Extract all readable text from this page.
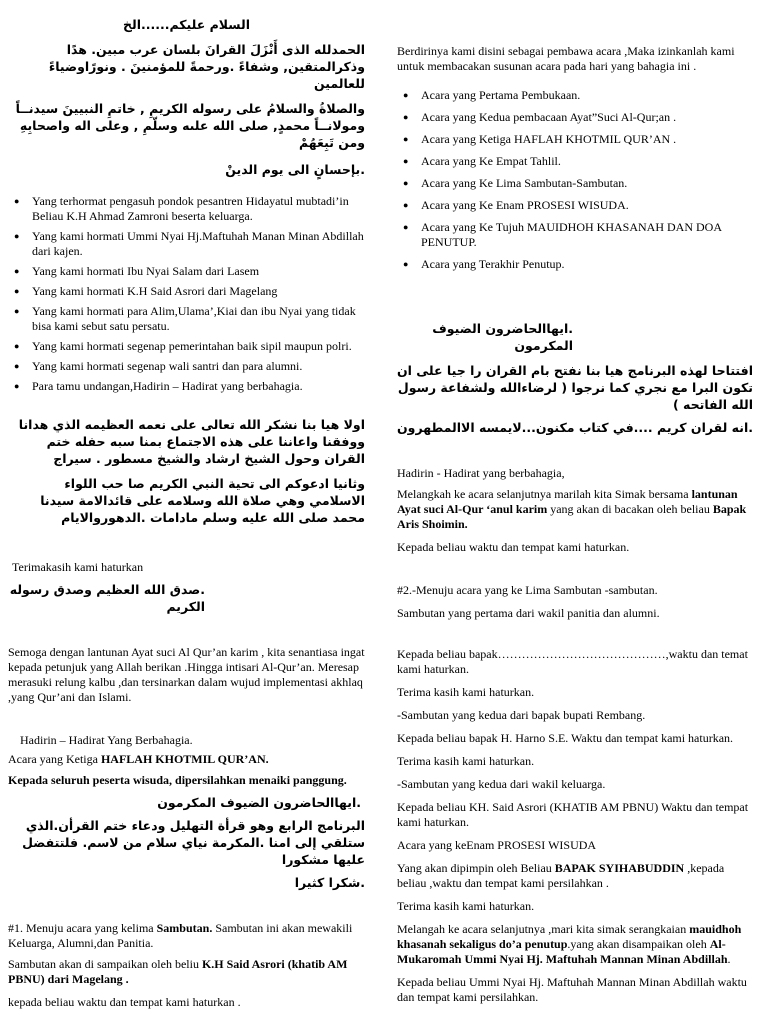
السلام عليكم......الخ

الحمدلله الذى أَنْزَلَ القرانَ بلسان عرب مبين. هدًا وذكرالمتقين, وشفاءً .ورحمةً للمؤمنينَ . ونورًاوضياءً للعالمين

والصلاةُ والسلامُ على رسوله الكريمِ , خاتمِ النبيينَ سيدنــاً ومولانــاً محمدٍ, صلى الله علىه وسلّمِ , وعلى اله واصحابِهِ ومن تَبِعَهُمْ

.بإحسانٍ الى يوم الدينْ

● Yang terhormat pengasuh pondok pesantren Hidayatul mubtadi’in Beliau K.H Ahmad Zamroni beserta keluarga.
● Yang kami hormati Ummi Nyai Hj.Maftuhah Manan Minan Abdillah dari kajen.
● Yang kami hormati Ibu Nyai Salam dari Lasem
● Yang kami hormati K.H Said Asrori dari Magelang
● Yang kami hormati para Alim,Ulama’,Kiai dan ibu Nyai yang tidak bisa kami sebut satu persatu.
● Yang kami hormati segenap pemerintahan baik sipil maupun polri.
● Yang kami hormati segenap wali santri dan para alumni.
● Para tamu undangan,Hadirin – Hadirat yang berbahagia.

اولا هيا بنا نشكر الله تعالى على نعمه العظيمه الذي هدانا ووفقنا واعاننا على هذه الاجتماع بمنا سبه حفله ختم القران وحول الشيخ ارشاد والشيخ مسطور . سيراج

وثانيا ادعوكم الى تحية النبي الكريم صا حب اللواء الاسلامي وهي صلاة الله وسلامه على قائدالامة سيدنا محمد صلى الله عليه وسلم مادامات .الدهوروالايام

Terimakasih kami haturkan

.صدق الله العظيم وصدق رسوله الكريم

Semoga dengan lantunan Ayat suci Al Qur’an karim , kita senantiasa ingat kepada petunjuk yang Allah berikan .Hingga intisari Al-Qur’an. Meresap merasuki relung kalbu ,dan tersinarkan dalam wujud implementasi akhlaq ,yang Qur’ani dan Islami.

Hadirin – Hadirat Yang Berbahagia.

Acara yang Ketiga HAFLAH KHOTMIL QUR’AN.

Kepada seluruh peserta wisuda, dipersilahkan menaiki panggung.

.ايهاالحاضرون الضيوف المكرمون

البرنامج الرابع وهو قرأة التهليل ودعاء ختم القرأن.الذي ستلقي إلى امنا .المكرمة نياي سلام من لاسم. فلتتفضل عليها مشكورا

.شكرا كثيرا

#1. Menuju acara yang kelima Sambutan. Sambutan ini akan mewakili Keluarga, Alumni,dan Panitia.

Sambutan akan di sampaikan oleh beliu K.H Said Asrori (khatib AM PBNU) dari Magelang .

kepada beliau waktu dan tempat kami haturkan .

Berdirinya kami disini sebagai pembawa acara ,Maka izinkanlah kami untuk membacakan susunan acara pada hari yang bahagia ini .

● Acara yang Pertama Pembukaan.
● Acara yang Kedua pembacaan Ayat”Suci Al-Qur;an .
● Acara yang Ketiga HAFLAH KHOTMIL QUR’AN .
● Acara yang Ke Empat Tahlil.
● Acara yang Ke Lima Sambutan-Sambutan.
● Acara yang Ke Enam PROSESI WISUDA.
● Acara yang Ke Tujuh MAUIDHOH KHASANAH DAN DOA PENUTUP.
● Acara yang Terakhir Penutup.

.ايهاالحاضرون الضيوف المكرمون

افتتاحا لهذه البرنامج هيا بنا نفتح بام القران را جيا على ان تكون البرا مع نجري كما نرجوا ( لرضاءالله ولشفاعة رسول الله الفاتحه )

.انه لقران كريم ....في كتاب مكنون...لايمسه الاالمطهرون

Hadirin - Hadirat yang berbahagia,

Melangkah ke acara selanjutnya marilah kita Simak bersama lantunan Ayat suci Al-Qur ‘anul karim yang akan di bacakan oleh beliau Bapak Aris Shoimin.

Kepada beliau waktu dan tempat kami haturkan.

#2.-Menuju acara yang ke Lima Sambutan -sambutan.

Sambutan yang pertama dari wakil panitia dan alumni.

Kepada beliau bapak……………………………………,waktu dan temat kami haturkan.

Terima kasih kami haturkan.

-Sambutan yang kedua dari bapak bupati Rembang.

Kepada beliau bapak H. Harno S.E. Waktu dan tempat kami haturkan.

Terima kasih kami haturkan.

-Sambutan yang kedua dari wakil keluarga.

Kepada beliau KH. Said Asrori (KHATIB AM PBNU) Waktu dan tempat kami haturkan.

Acara yang keEnam PROSESI WISUDA

Yang akan dipimpin oleh Beliau BAPAK SYIHABUDDIN ,kepada beliau ,waktu dan tempat kami persilahkan .

Terima kasih kami haturkan.

Melangah ke acara selanjutnya ,mari kita simak serangkaian mauidhoh khasanah sekaligus do’a penutup.yang akan disampaikan oleh Al- Mukaromah Ummi Nyai Hj. Maftuhah Mannan Minan Abdillah.

Kepada beliau Ummi Nyai Hj. Maftuhah Mannan Minan Abdillah waktu dan tempat kami persilahkan.
